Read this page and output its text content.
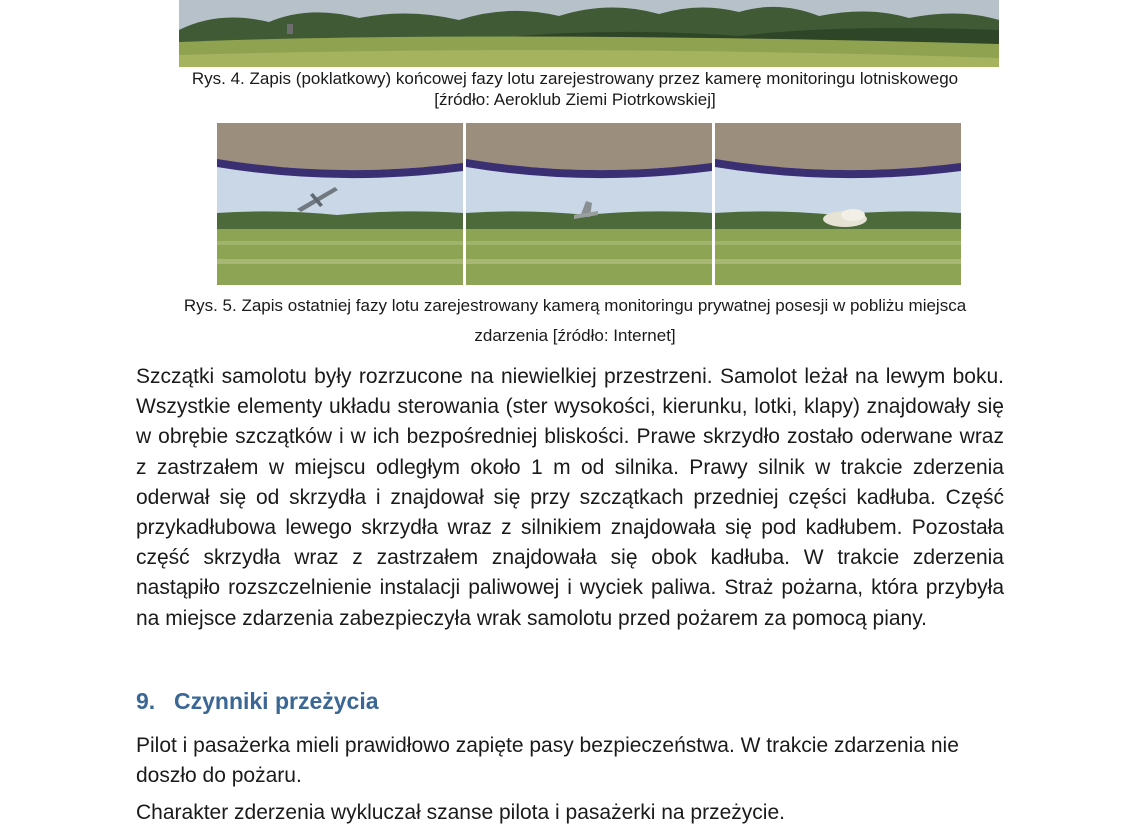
Rys. 4. Zapis (poklatkowy) końcowej fazy lotu zarejestrowany przez kamerę monitoringu lotniskowego [źródło: Aeroklub Ziemi Piotrkowskiej]
Rys. 5. Zapis ostatniej fazy lotu zarejestrowany kamerą monitoringu prywatnej posesji w pobliżu miejsca zdarzenia [źródło: Internet]

Szczątki samolotu były rozrzucone na niewielkiej przestrzeni. Samolot leżał na lewym boku. Wszystkie elementy układu sterowania (ster wysokości, kierunku, lotki, klapy) znajdowały się w obrębie szczątków i w ich bezpośredniej bliskości. Prawe skrzydło zostało oderwane wraz z zastrzałem w miejscu odległym około 1 m od silnika. Prawy silnik w trakcie zderzenia oderwał się od skrzydła i znajdował się przy szczątkach przedniej części kadłuba. Część przykadłubowa lewego skrzydła wraz z silnikiem znajdowała się pod kadłubem. Pozostała część skrzydła wraz z zastrzałem znajdowała się obok kadłuba. W trakcie zderzenia nastąpiło rozszczelnienie instalacji paliwowej i wyciek paliwa. Straż pożarna, która przybyła na miejsce zdarzenia zabezpieczyła wrak samolotu przed pożarem za pomocą piany.

9. Czynniki przeżycia

Pilot i pasażerka mieli prawidłowo zapięte pasy bezpieczeństwa. W trakcie zdarzenia nie doszło do pożaru.

Charakter zderzenia wykluczał szanse pilota i pasażerki na przeżycie.
